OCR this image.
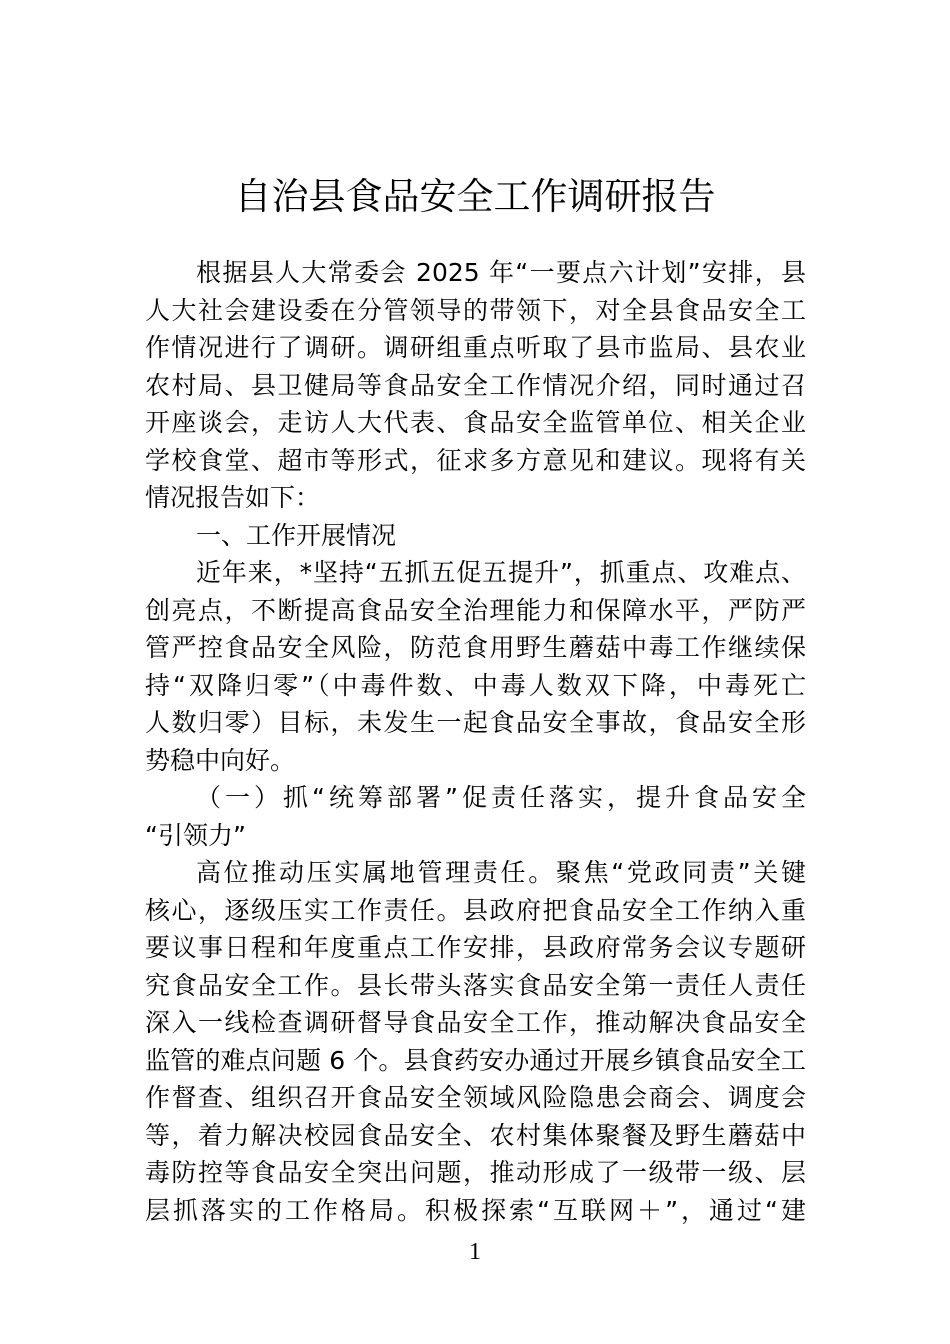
自治县食品安全工作调研报告
根据县人大常委会 2025 年“一要点六计划”安排，县
人大社会建设委在分管领导的带领下，对全县食品安全工
作情况进行了调研。调研组重点听取了县市监局、县农业
农村局、县卫健局等食品安全工作情况介绍，同时通过召
开座谈会，走访人大代表、食品安全监管单位、相关企业
学校食堂、超市等形式，征求多方意见和建议。现将有关
情况报告如下：
一、工作开展情况
近年来，*坚持“五抓五促五提升”，抓重点、攻难点、
创亮点，不断提高食品安全治理能力和保障水平，严防严
管严控食品安全风险，防范食用野生蘑菇中毒工作继续保
持“双降归零”（中毒件数、中毒人数双下降，中毒死亡
人数归零）目标，未发生一起食品安全事故，食品安全形
势稳中向好。
（一）抓“统筹部署”促责任落实，提升食品安全
“引领力”
高位推动压实属地管理责任。聚焦“党政同责”关键
核心，逐级压实工作责任。县政府把食品安全工作纳入重
要议事日程和年度重点工作安排，县政府常务会议专题研
究食品安全工作。县长带头落实食品安全第一责任人责任
深入一线检查调研督导食品安全工作，推动解决食品安全
监管的难点问题 6 个。县食药安办通过开展乡镇食品安全工
作督查、组织召开食品安全领域风险隐患会商会、调度会
等，着力解决校园食品安全、农村集体聚餐及野生蘑菇中
毒防控等食品安全突出问题，推动形成了一级带一级、层
层抓落实的工作格局。积极探索“互联网＋”，通过“建
1
